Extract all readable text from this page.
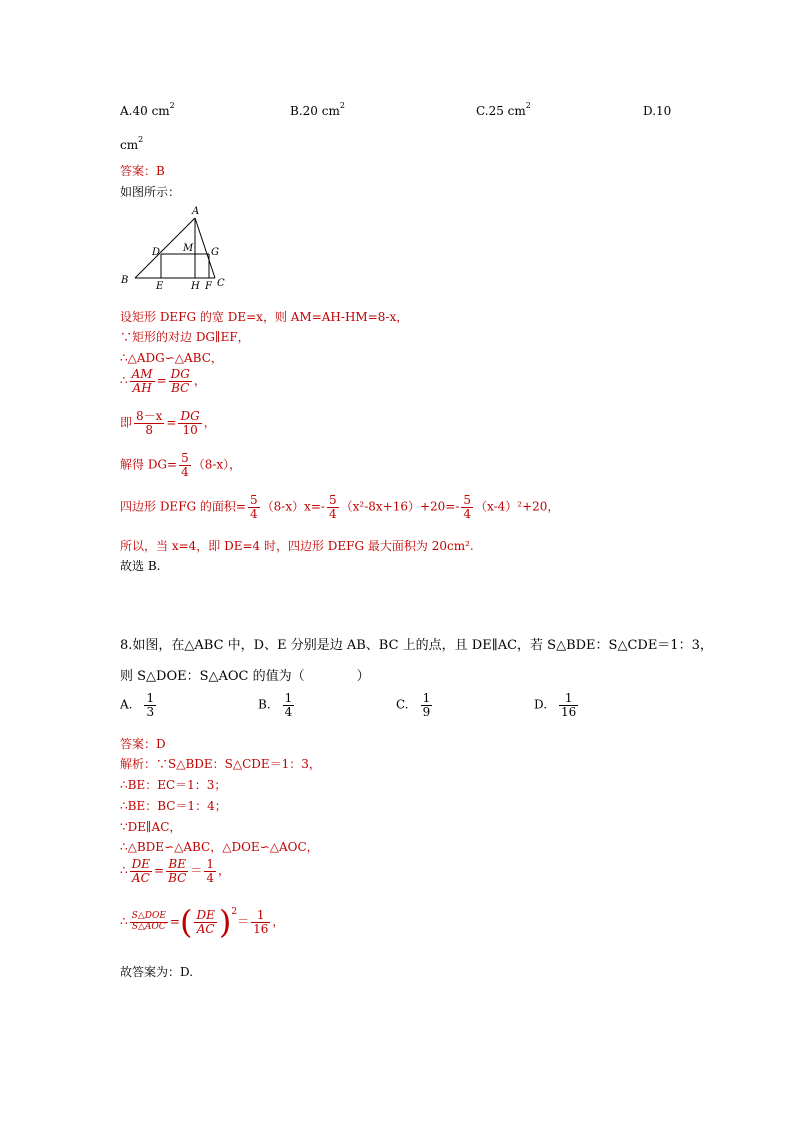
A.40 $cm^2$	B.20 $cm^2$	C.25 $cm^2$	D.10
$cm^2$
答案：B
如图所示：
A
D M G
B
E	H F C
设矩形 DEFG 的宽 DE=x，则 AM=AH-HM=8-x，
∵矩形的对边 DG∥EF，
∴△ADG∽△ABC，
∴ $\frac{AM}{AH} = \frac{DG}{BC}$ ，
即 $\frac{8-x}{8} = \frac{DG}{10}$ ，
解得 $DG= \frac{5}{4} (8-x)$，
四边形 DEFG 的面积= $\frac{5}{4} (8-x)x=- \frac{5}{4} (x^2-8x+16)+20=- \frac{5}{4} (x-4)^2+20$，
所以，当 x=4，即 DE=4 时，四边形 DEFG 最大面积为 20cm².
故选 B.
8.如图，在△ABC 中，D、E 分别是边 AB、BC 上的点，且 DE∥AC，若 S△BDE：S△CDE＝1：3，
则 S△DOE：S△AOC 的值为（　　　　）
A. $\frac{1}{3}$	B. $\frac{1}{4}$	C. $\frac{1}{9}$	D. $\frac{1}{16}$
答案：D
解析：∵S△BDE：S△CDE＝1：3，
∴BE：EC＝1：3；
∴BE：BC＝1：4；
∵DE∥AC，
∴△BDE∽△ABC，△DOE∽△AOC，
∴ $\frac{DE}{AC} = \frac{BE}{BC} = \frac{1}{4}$ ，
∴ $\frac{\text{S△DOE}}{\text{S△AOC}}$ =( $\frac{DE}{AC} )^2= \frac{1}{16}$ ，
故答案为：D.
